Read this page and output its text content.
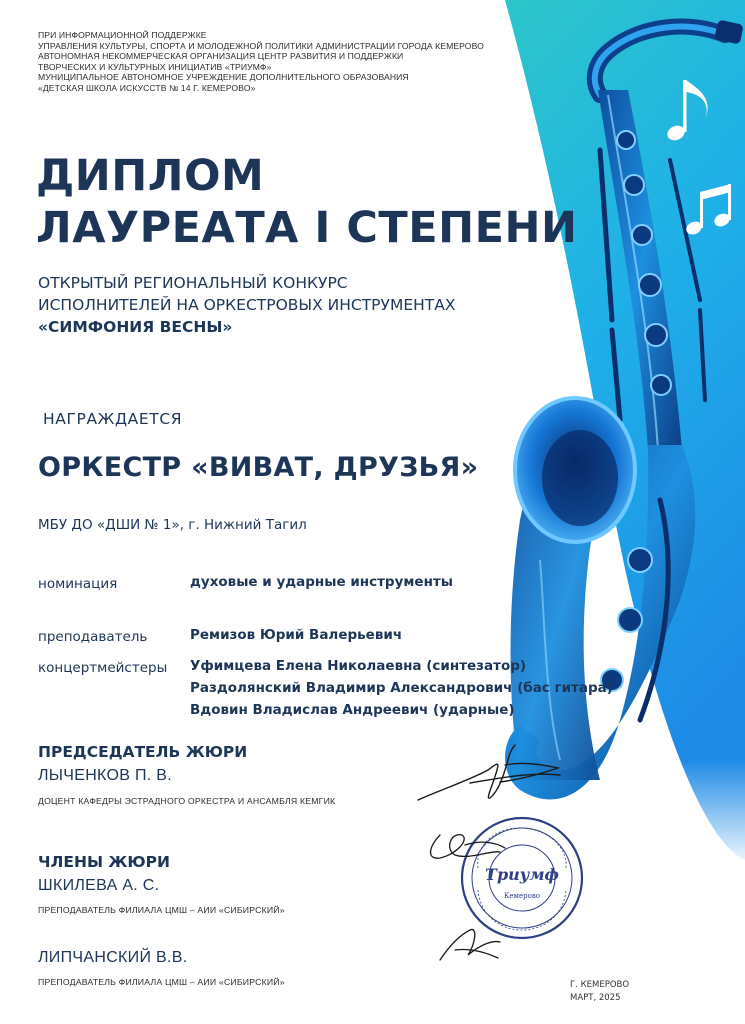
ПРИ ИНФОРМАЦИОННОЙ ПОДДЕРЖКЕ
УПРАВЛЕНИЯ КУЛЬТУРЫ, СПОРТА И МОЛОДЕЖНОЙ ПОЛИТИКИ АДМИНИСТРАЦИИ ГОРОДА КЕМЕРОВО
АВТОНОМНАЯ НЕКОММЕРЧЕСКАЯ ОРГАНИЗАЦИЯ ЦЕНТР РАЗВИТИЯ И ПОДДЕРЖКИ
ТВОРЧЕСКИХ И КУЛЬТУРНЫХ ИНИЦИАТИВ «ТРИУМФ»
МУНИЦИПАЛЬНОЕ АВТОНОМНОЕ УЧРЕЖДЕНИЕ ДОПОЛНИТЕЛЬНОГО ОБРАЗОВАНИЯ
«ДЕТСКАЯ ШКОЛА ИСКУССТВ № 14 Г. КЕМЕРОВО»
ДИПЛОМ
ЛАУРЕАТА I СТЕПЕНИ
ОТКРЫТЫЙ РЕГИОНАЛЬНЫЙ КОНКУРС
ИСПОЛНИТЕЛЕЙ НА ОРКЕСТРОВЫХ ИНСТРУМЕНТАХ
«СИМФОНИЯ ВЕСНЫ»
НАГРАЖДАЕТСЯ
ОРКЕСТР «ВИВАТ, ДРУЗЬЯ»
МБУ ДО «ДШИ № 1», г. Нижний Тагил
номинация	духовые и ударные инструменты
преподаватель	Ремизов Юрий Валерьевич
концертмейстеры Уфимцева Елена Николаевна (синтезатор)
Раздолянский Владимир Александрович (бас гитара)
Вдовин Владислав Андреевич (ударные)
ПРЕДСЕДАТЕЛЬ ЖЮРИ
ЛЫЧЕНКОВ П. В.
ДОЦЕНТ КАФЕДРЫ ЭСТРАДНОГО ОРКЕСТРА И АНСАМБЛЯ КЕМГИК
ЧЛЕНЫ ЖЮРИ
ШКИЛЕВА А. С.
ПРЕПОДАВАТЕЛЬ ФИЛИАЛА ЦМШ – АИИ «СИБИРСКИЙ»
ЛИПЧАНСКИЙ В.В.
ПРЕПОДАВАТЕЛЬ ФИЛИАЛА ЦМШ – АИИ «СИБИРСКИЙ»
Триумф
Кемерово
Г. КЕМЕРОВО
МАРТ, 2025
